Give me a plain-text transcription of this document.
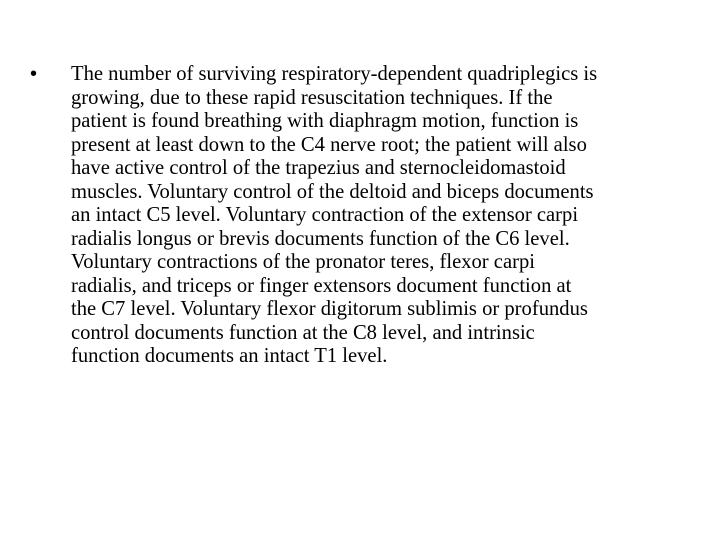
• The number of surviving respiratory-dependent quadriplegics is
growing, due to these rapid resuscitation techniques. If the
patient is found breathing with diaphragm motion, function is
present at least down to the C4 nerve root; the patient will also
have active control of the trapezius and sternocleidomastoid
muscles. Voluntary control of the deltoid and biceps documents
an intact C5 level. Voluntary contraction of the extensor carpi
radialis longus or brevis documents function of the C6 level.
Voluntary contractions of the pronator teres, flexor carpi
radialis, and triceps or finger extensors document function at
the C7 level. Voluntary flexor digitorum sublimis or profundus
control documents function at the C8 level, and intrinsic
function documents an intact T1 level.
